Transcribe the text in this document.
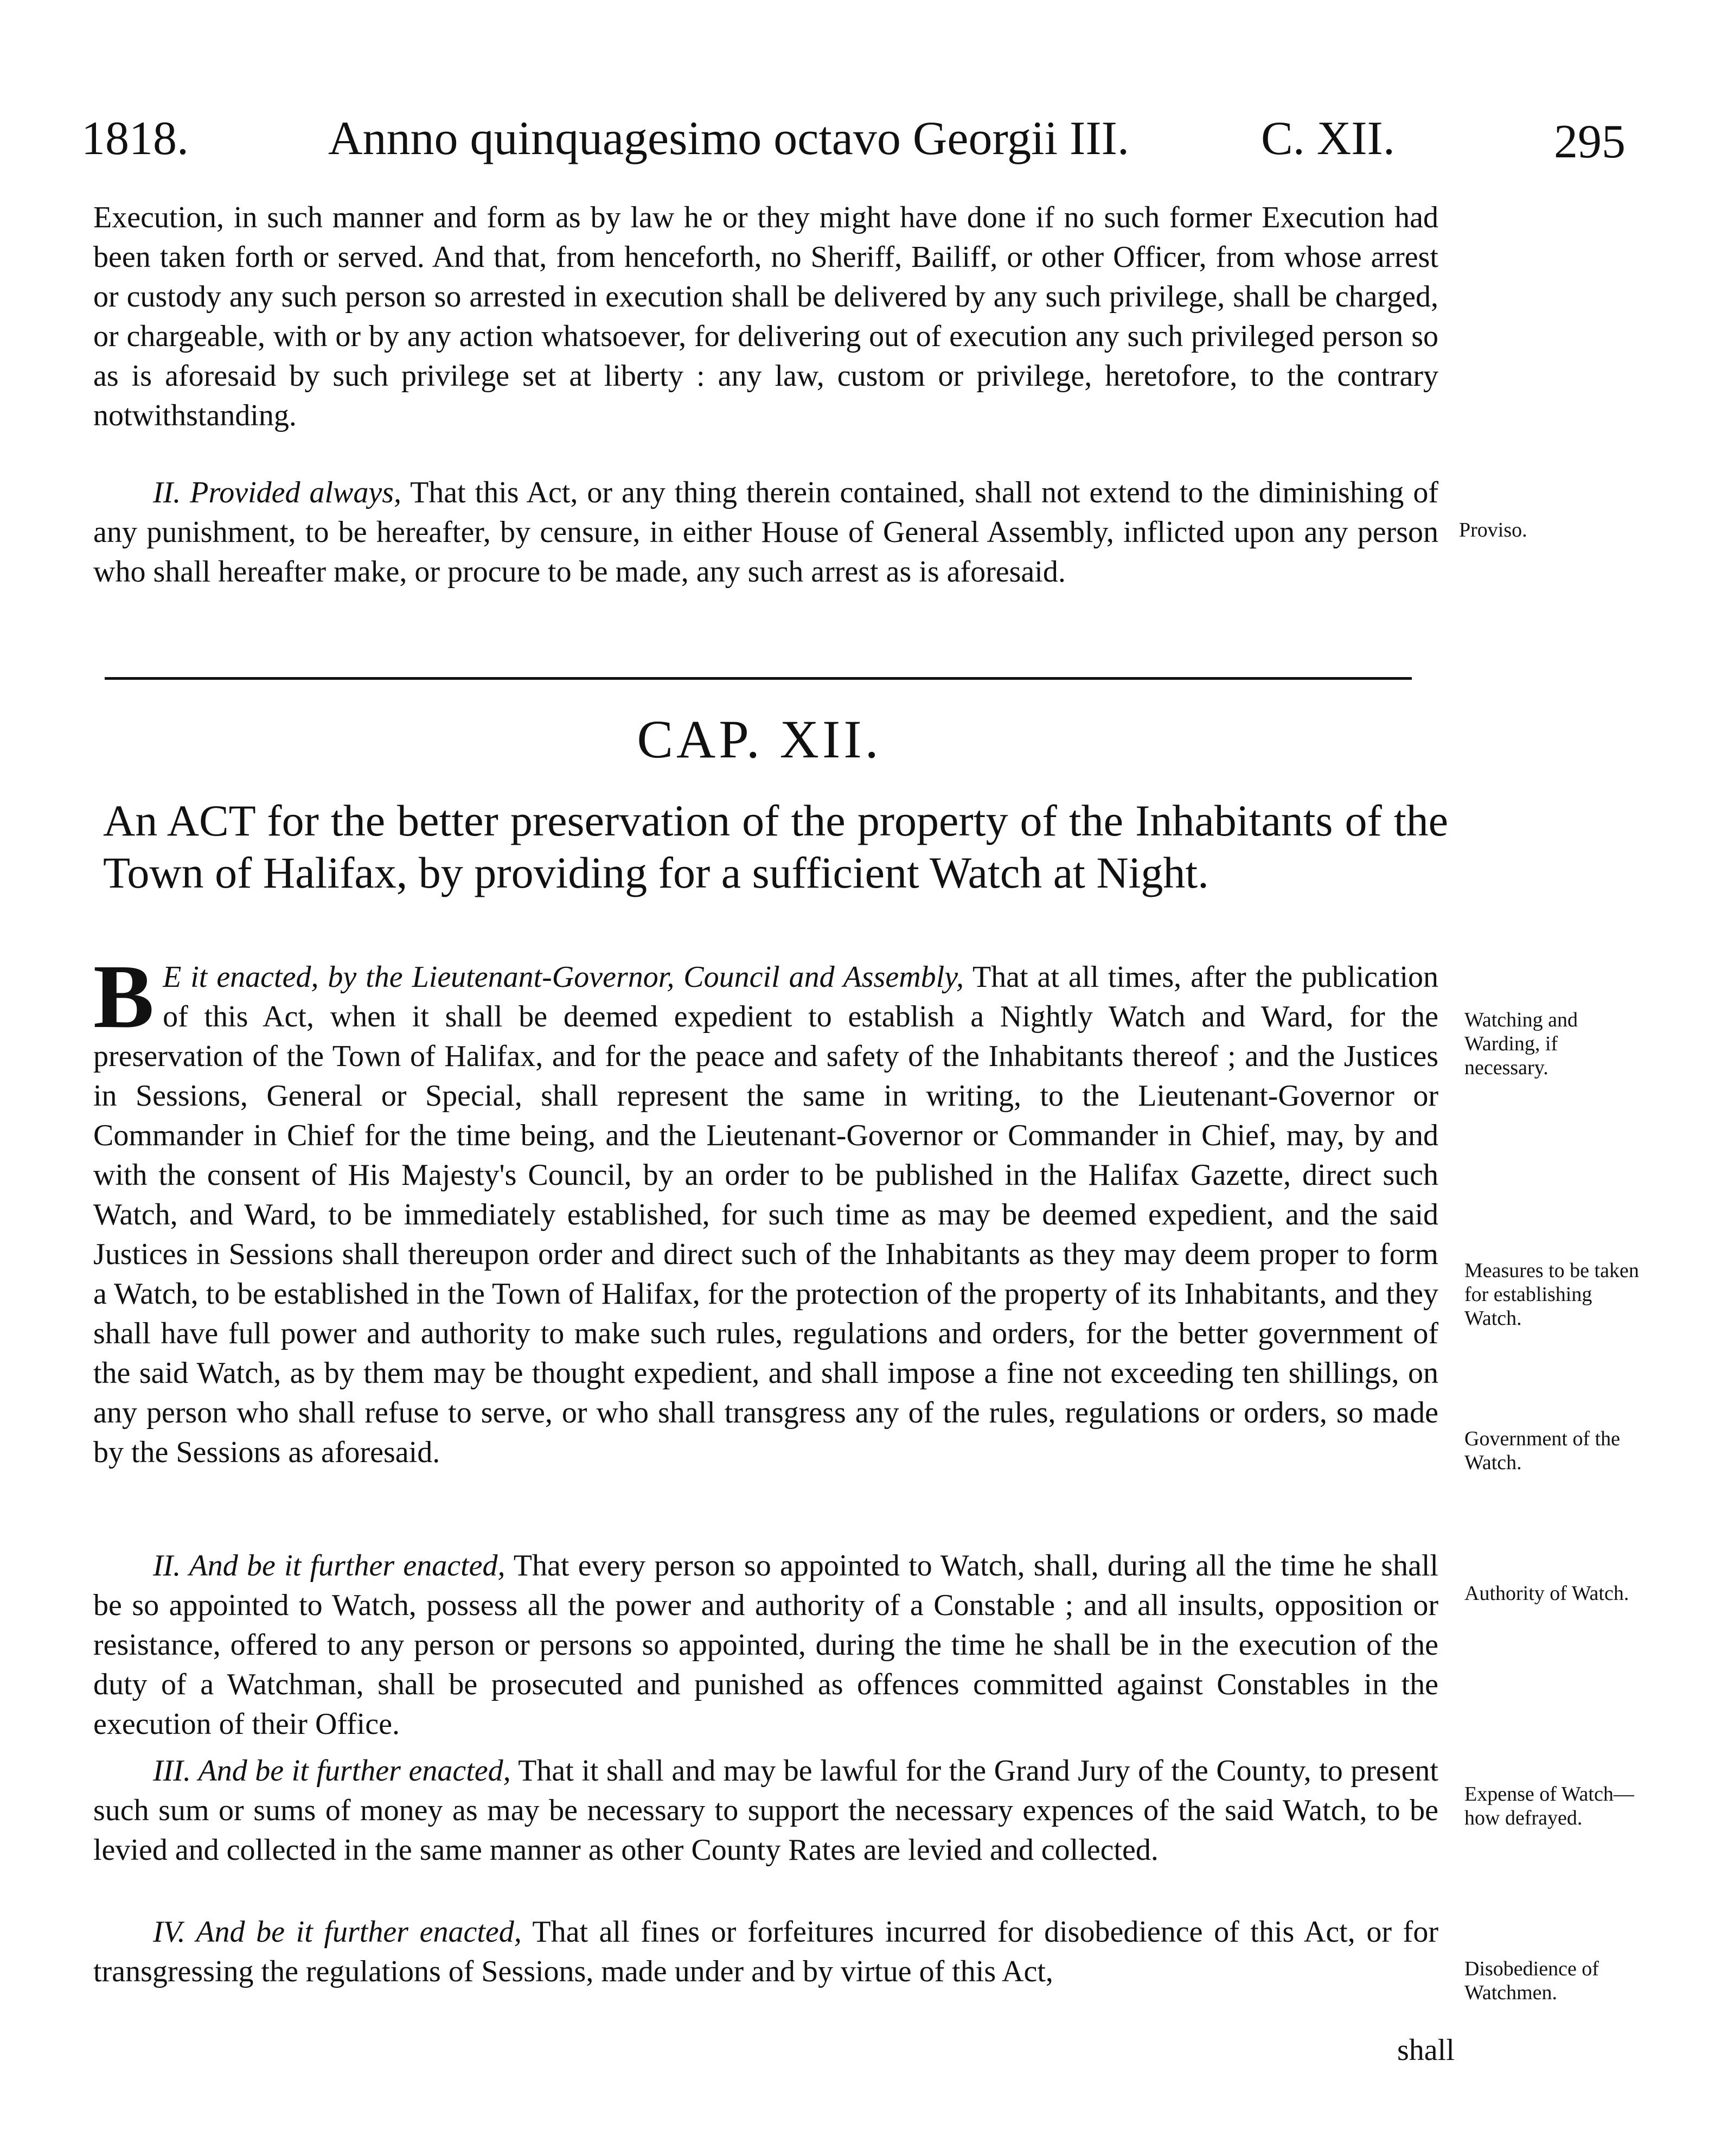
1818.	Annno quinquagesimo octavo Georgii III.	C. XII.	295

Execution, in such manner and form as by law he or they might have done if no such former Execution had been taken forth or served. And that, from henceforth, no Sheriff, Bailiff, or other Officer, from whose arrest or custody any such person so arrested in execution shall be delivered by any such privilege, shall be charged, or chargeable, with or by any action whatsoever, for delivering out of execution any such privileged person so as is aforesaid by such privilege set at liberty : any law, custom or privilege, heretofore, to the contrary notwithstanding.

II. Provided always, That this Act, or any thing therein contained, shall not extend to the diminishing of any punishment, to be hereafter, by censure, in either House of General Assembly, inflicted upon any person who shall hereafter make, or procure to be made, any such arrest as is aforesaid.

CAP. XII.
An ACT for the better preservation of the property of the Inhabitants of the Town of Halifax, by providing for a sufficient Watch at Night.

B E it enacted, by the Lieutenant-Governor, Council and Assembly, That at all times, after the publication of this Act, when it shall be deemed expedient to establish a Nightly Watch and Ward, for the preservation of the Town of Halifax, and for the peace and safety of the Inhabitants thereof ; and the Justices in Sessions, General or Special, shall represent the same in writing, to the Lieutenant-Governor or Commander in Chief for the time being, and the Lieutenant-Governor or Commander in Chief, may, by and with the consent of His Majesty's Council, by an order to be published in the Halifax Gazette, direct such Watch, and Ward, to be immediately established, for such time as may be deemed expedient, and the said Justices in Sessions shall thereupon order and direct such of the Inhabitants as they may deem proper to form a Watch, to be established in the Town of Halifax, for the protection of the property of its Inhabitants, and they shall have full power and authority to make such rules, regulations and orders, for the better government of the said Watch, as by them may be thought expedient, and shall impose a fine not exceeding ten shillings, on any person who shall refuse to serve, or who shall transgress any of the rules, regulations or orders, so made by the Sessions as aforesaid.

II. And be it further enacted, That every person so appointed to Watch, shall, during all the time he shall be so appointed to Watch, possess all the power and authority of a Constable ; and all insults, opposition or resistance, offered to any person or persons so appointed, during the time he shall be in the execution of the duty of a Watchman, shall be prosecuted and punished as offences committed against Constables in the execution of their Office.

III. And be it further enacted, That it shall and may be lawful for the Grand Jury of the County, to present such sum or sums of money as may be necessary to support the necessary expences of the said Watch, to be levied and collected in the same manner as other County Rates are levied and collected.

IV. And be it further enacted, That all fines or forfeitures incurred for disobedience of this Act, or for transgressing the regulations of Sessions, made under and by virtue of this Act,

shall
Proviso.
Watching and Warding, if necessary.
Measures to be taken for establishing Watch.
Government of the Watch.
Authority of Watch.
Expense of Watch—how defrayed.
Disobedience of Watchmen.
